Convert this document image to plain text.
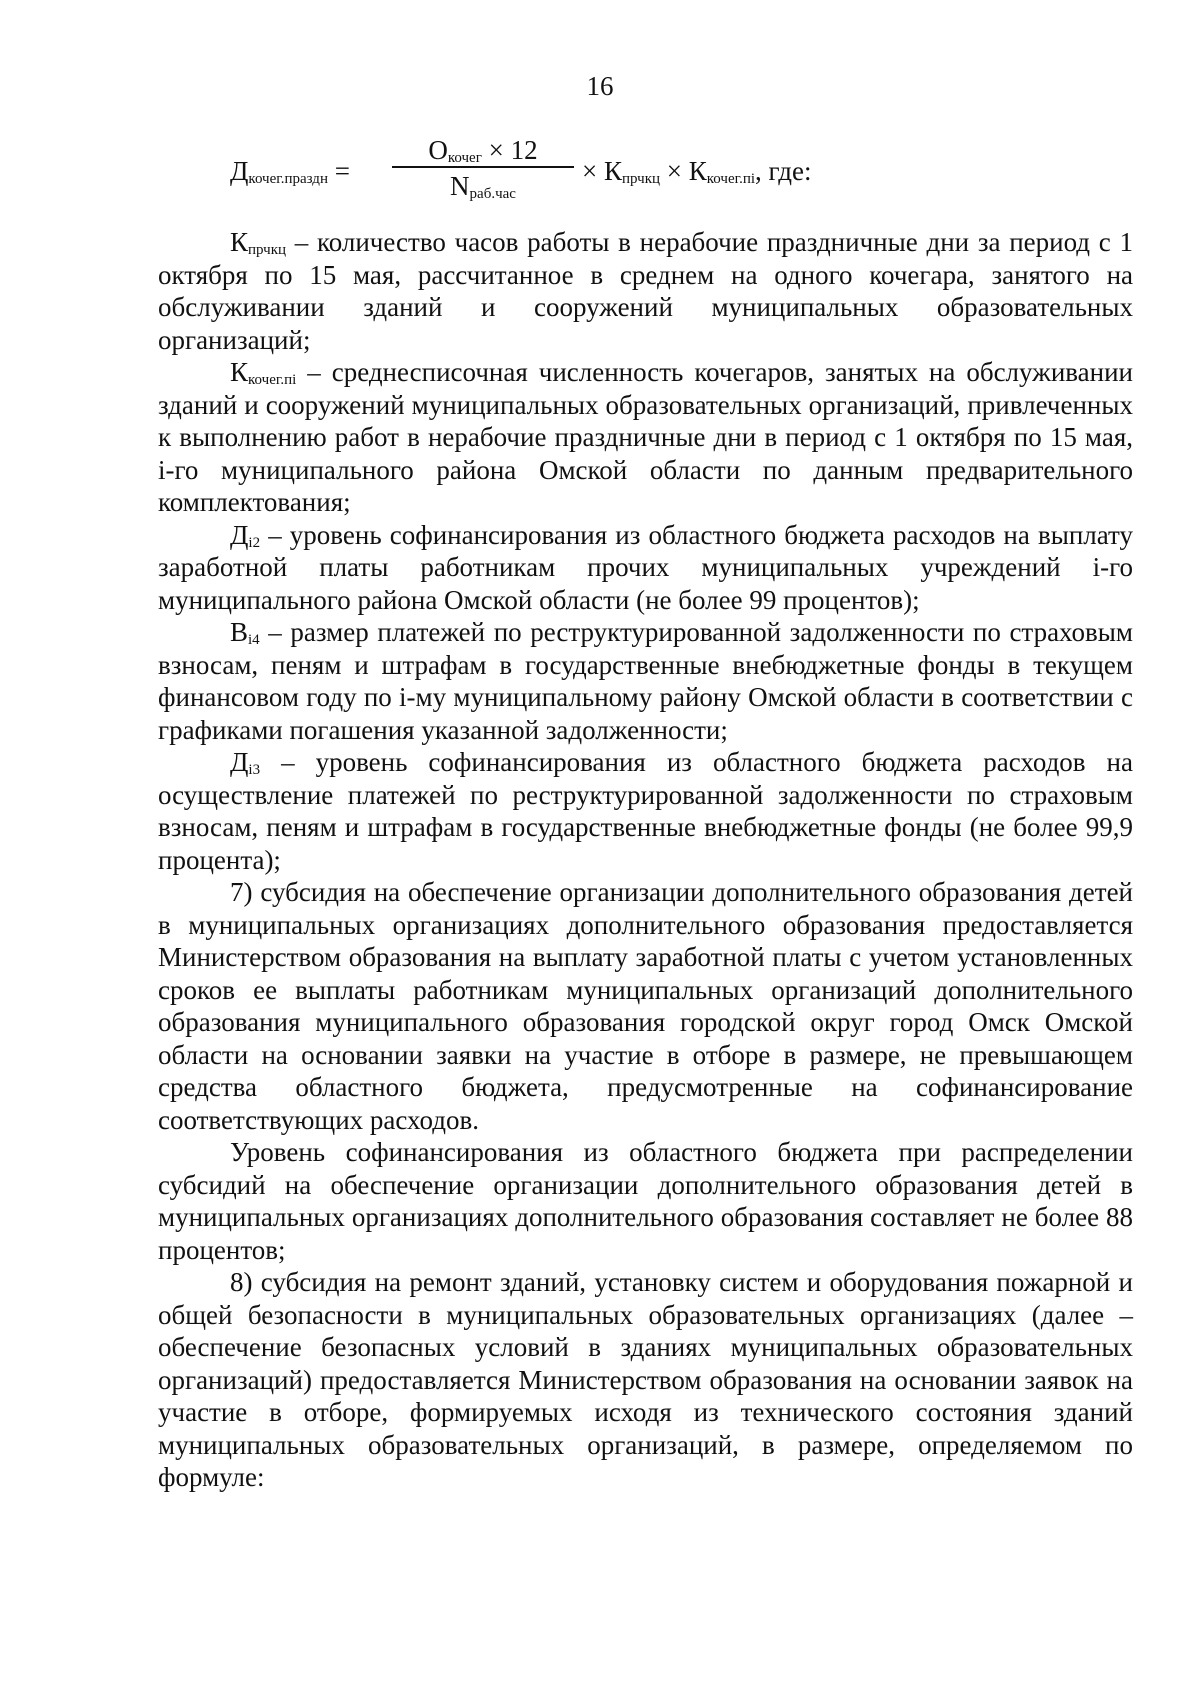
16
$Д_{кочег.праздн}$ =
$О_{кочег} \times 12$
$N_{раб.час}$
× $К_{прчкц} \times К_{кочег.пi}$, где:

$К_{прчкц}$ – количество часов работы в нерабочие праздничные дни за период с 1 октября по 15 мая, рассчитанное в среднем на одного кочегара, занятого на обслуживании зданий и сооружений муниципальных образовательных организаций;

$К_{кочег.пi}$ – среднесписочная численность кочегаров, занятых на обслуживании зданий и сооружений муниципальных образовательных организаций, привлеченных к выполнению работ в нерабочие праздничные дни в период с 1 октября по 15 мая, i-го муниципального района Омской области по данным предварительного комплектования;

$Д_{i2}$ – уровень софинансирования из областного бюджета расходов на выплату заработной платы работникам прочих муниципальных учреждений i-го муниципального района Омской области (не более 99 процентов);

$В_{i4}$ – размер платежей по реструктурированной задолженности по страховым взносам, пеням и штрафам в государственные внебюджетные фонды в текущем финансовом году по i-му муниципальному району Омской области в соответствии с графиками погашения указанной задолженности;

$Д_{i3}$ – уровень софинансирования из областного бюджета расходов на осуществление платежей по реструктурированной задолженности по страховым взносам, пеням и штрафам в государственные внебюджетные фонды (не более 99,9 процента);

7) субсидия на обеспечение организации дополнительного образования детей в муниципальных организациях дополнительного образования предоставляется Министерством образования на выплату заработной платы с учетом установленных сроков ее выплаты работникам муниципальных организаций дополнительного образования муниципального образования городской округ город Омск Омской области на основании заявки на участие в отборе в размере, не превышающем средства областного бюджета, предусмотренные на софинансирование соответствующих расходов.

Уровень софинансирования из областного бюджета при распределении субсидий на обеспечение организации дополнительного образования детей в муниципальных организациях дополнительного образования составляет не более 88 процентов;

8) субсидия на ремонт зданий, установку систем и оборудования пожарной и общей безопасности в муниципальных образовательных организациях (далее – обеспечение безопасных условий в зданиях муниципальных образовательных организаций) предоставляется Министерством образования на основании заявок на участие в отборе, формируемых исходя из технического состояния зданий муниципальных образовательных организаций, в размере, определяемом по формуле:
